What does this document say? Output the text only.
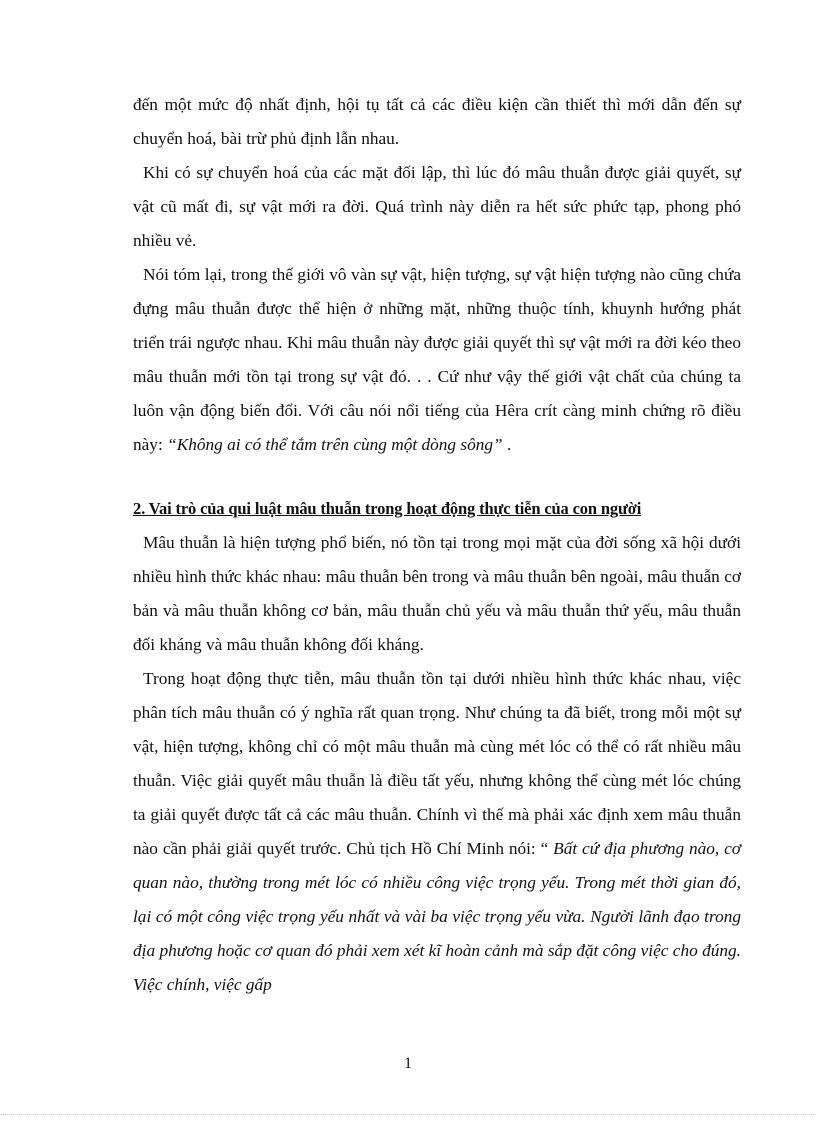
đến một mức độ nhất định, hội tụ tất cả các điều kiện cần thiết thì mới dẫn đến sự chuyển hoá, bài trừ phủ định lẫn nhau.

Khi có sự chuyển hoá của các mặt đối lập, thì lúc đó mâu thuẫn được giải quyết, sự vật cũ mất đi, sự vật mới ra đời. Quá trình này diễn ra hết sức phức tạp, phong phó nhiều vẻ.

Nói tóm lại, trong thế giới vô vàn sự vật, hiện tượng, sự vật hiện tượng nào cũng chứa đựng mâu thuẫn được thể hiện ở những mặt, những thuộc tính, khuynh hướng phát triển trái ngược nhau. Khi mâu thuẫn này được giải quyết thì sự vật mới ra đời kéo theo mâu thuẫn mới tồn tại trong sự vật đó. . . Cứ như vậy thế giới vật chất của chúng ta luôn vận động biến đổi. Với câu nói nổi tiếng của Hêra crít càng minh chứng rõ điều này: “Không ai có thể tắm trên cùng một dòng sông” .

2. Vai trò của qui luật mâu thuẫn trong hoạt động thực tiễn của con người

Mâu thuẫn là hiện tượng phổ biến, nó tồn tại trong mọi mặt của đời sống xã hội dưới nhiều hình thức khác nhau: mâu thuẫn bên trong và mâu thuẫn bên ngoài, mâu thuẫn cơ bản và mâu thuẫn không cơ bản, mâu thuẫn chủ yếu và mâu thuẫn thứ yếu, mâu thuẫn đối kháng và mâu thuẫn không đối kháng.

Trong hoạt động thực tiễn, mâu thuẫn tồn tại dưới nhiều hình thức khác nhau, việc phân tích mâu thuẫn có ý nghĩa rất quan trọng. Như chúng ta đã biết, trong mỗi một sự vật, hiện tượng, không chỉ có một mâu thuẫn mà cùng mét lóc có thể có rất nhiều mâu thuẫn. Việc giải quyết mâu thuẫn là điều tất yếu, nhưng không thể cùng mét lóc chúng ta giải quyết được tất cả các mâu thuẫn. Chính vì thế mà phải xác định xem mâu thuẫn nào cần phải giải quyết trước. Chủ tịch Hồ Chí Minh nói: “ Bất cứ địa phương nào, cơ quan nào, thường trong mét lóc có nhiều công việc trọng yếu. Trong mét thời gian đó, lại có một công việc trọng yếu nhất và vài ba việc trọng yếu vừa. Người lãnh đạo trong địa phương hoặc cơ quan đó phải xem xét kĩ hoàn cảnh mà sắp đặt công việc cho đúng. Việc chính, việc gấp

1
